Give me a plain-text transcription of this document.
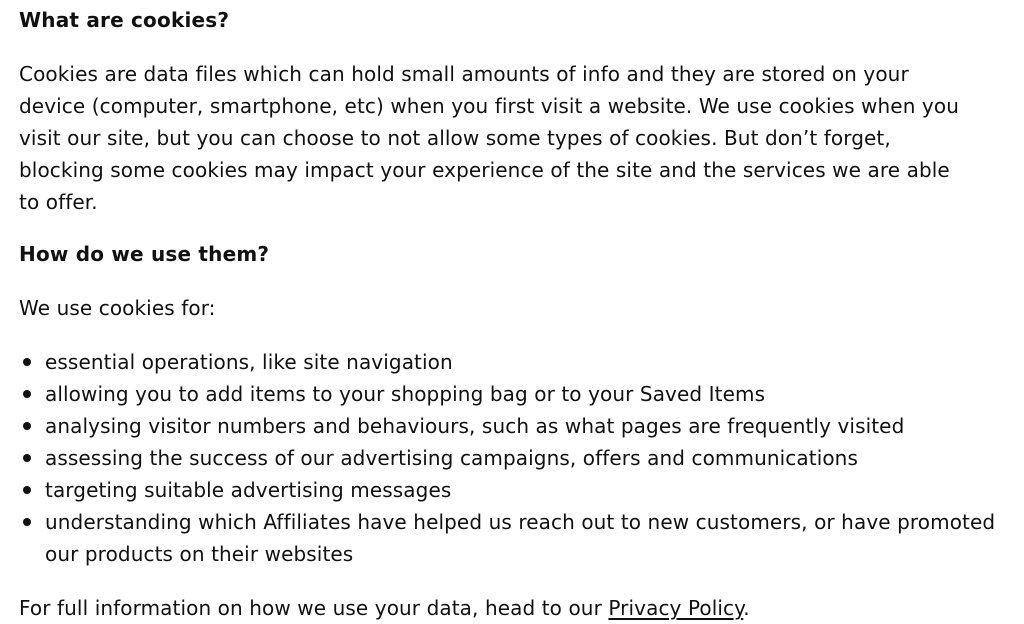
What are cookies?

Cookies are data files which can hold small amounts of info and they are stored on your device (computer, smartphone, etc) when you first visit a website. We use cookies when you visit our site, but you can choose to not allow some types of cookies. But don’t forget, blocking some cookies may impact your experience of the site and the services we are able to offer.

How do we use them?

We use cookies for:

essential operations, like site navigation
allowing you to add items to your shopping bag or to your Saved Items
analysing visitor numbers and behaviours, such as what pages are frequently visited
assessing the success of our advertising campaigns, offers and communications
targeting suitable advertising messages
understanding which Affiliates have helped us reach out to new customers, or have promoted our products on their websites

For full information on how we use your data, head to our Privacy Policy.
